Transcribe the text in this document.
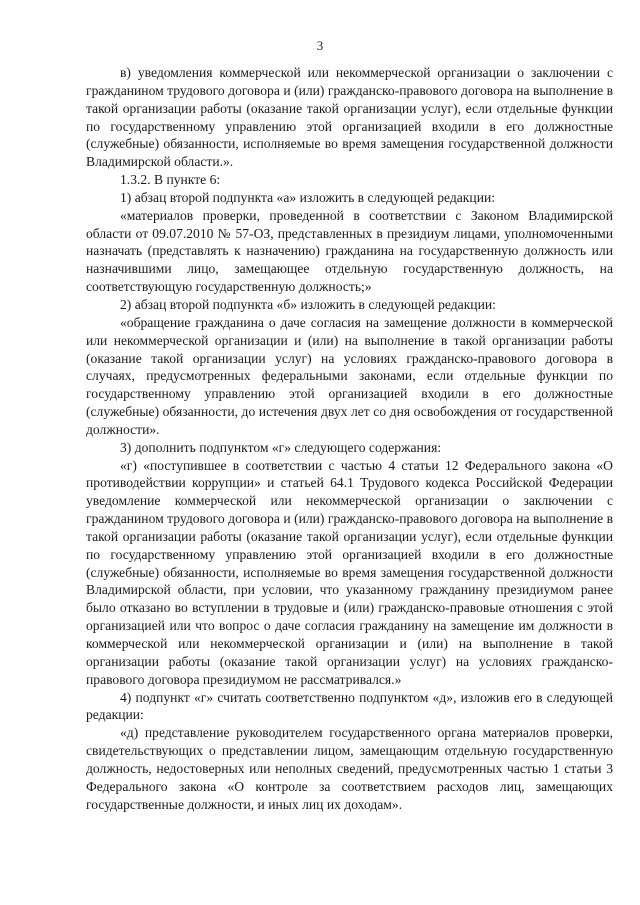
3

в) уведомления коммерческой или некоммерческой организации о заключении с гражданином трудового договора и (или) гражданско-правового договора на выполнение в такой организации работы (оказание такой организации услуг), если отдельные функции по государственному управлению этой организацией входили в его должностные (служебные) обязанности, исполняемые во время замещения государственной должности Владимирской области.».

1.3.2. В пункте 6:

1) абзац второй подпункта «а» изложить в следующей редакции:

«материалов проверки, проведенной в соответствии с Законом Владимирской области от 09.07.2010 № 57-ОЗ, представленных в президиум лицами, уполномоченными назначать (представлять к назначению) гражданина на государственную должность или назначившими лицо, замещающее отдельную государственную должность, на соответствующую государственную должность;»

2) абзац второй подпункта «б» изложить в следующей редакции:

«обращение гражданина о даче согласия на замещение должности в коммерческой или некоммерческой организации и (или) на выполнение в такой организации работы (оказание такой организации услуг) на условиях гражданско-правового договора в случаях, предусмотренных федеральными законами, если отдельные функции по государственному управлению этой организацией входили в его должностные (служебные) обязанности, до истечения двух лет со дня освобождения от государственной должности».

3) дополнить подпунктом «г» следующего содержания:

«г) «поступившее в соответствии с частью 4 статьи 12 Федерального закона «О противодействии коррупции» и статьей 64.1 Трудового кодекса Российской Федерации уведомление коммерческой или некоммерческой организации о заключении с гражданином трудового договора и (или) гражданско-правового договора на выполнение в такой организации работы (оказание такой организации услуг), если отдельные функции по государственному управлению этой организацией входили в его должностные (служебные) обязанности, исполняемые во время замещения государственной должности Владимирской области, при условии, что указанному гражданину президиумом ранее было отказано во вступлении в трудовые и (или) гражданско-правовые отношения с этой организацией или что вопрос о даче согласия гражданину на замещение им должности в коммерческой или некоммерческой организации и (или) на выполнение в такой организации работы (оказание такой организации услуг) на условиях гражданско-правового договора президиумом не рассматривался.»

4) подпункт «г» считать соответственно подпунктом «д», изложив его в следующей редакции:

«д) представление руководителем государственного органа материалов проверки, свидетельствующих о представлении лицом, замещающим отдельную государственную должность, недостоверных или неполных сведений, предусмотренных частью 1 статьи 3 Федерального закона «О контроле за соответствием расходов лиц, замещающих государственные должности, и иных лиц их доходам».
